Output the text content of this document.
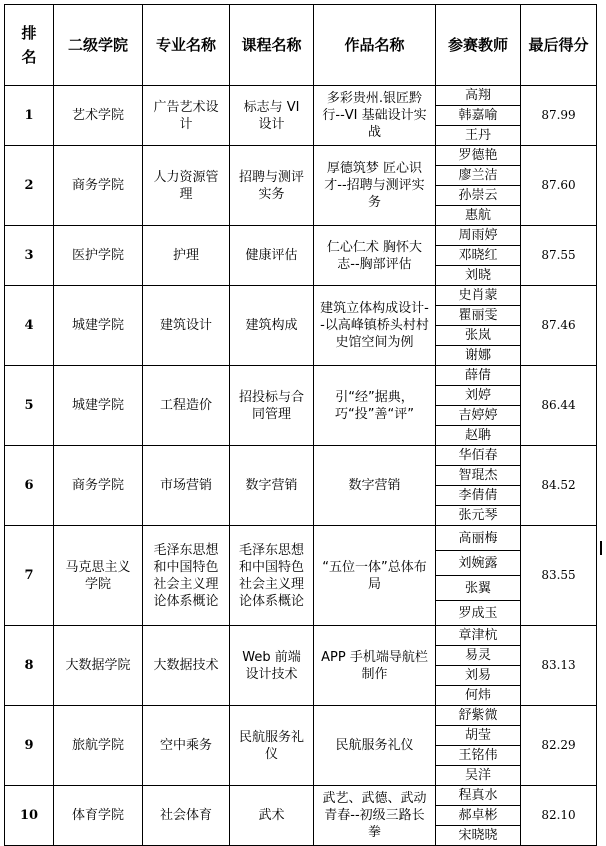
排
名	二级学院	专业名称	课程名称	作品名称	参赛教师	最后得分
1	艺术学院	广告艺术设计	标志与 VI 设计	多彩贵州.银匠黔行--VI 基础设计实战	高翔	87.99
					韩嘉喻	
					王丹	
2	商务学院	人力资源管理	招聘与测评实务	厚德筑梦 匠心识才--招聘与测评实务	罗德艳	87.60
					廖兰洁	
					孙崇云	
					惠航	
3	医护学院	护理	健康评估	仁心仁术 胸怀大志--胸部评估	周雨婷	87.55
					邓晓红	
					刘晓	
4	城建学院	建筑设计	建筑构成	建筑立体构成设计--以高峰镇桥头村村史馆空间为例	史肖蒙	87.46
					瞿丽雯	
					张岚	
					谢娜	
5	城建学院	工程造价	招投标与合同管理	引“经”据典，巧“投”善“评”	薛倩	86.44
					刘婷	
					吉婷婷	
					赵聃	
6	商务学院	市场营销	数字营销	数字营销	华佰春	84.52
					智琨杰	
					李倩倩	
					张元琴	
7	马克思主义学院	毛泽东思想和中国特色社会主义理论体系概论	毛泽东思想和中国特色社会主义理论体系概论	“五位一体”总体布局	高丽梅	83.55
					刘婉露	
					张翼	
					罗成玉	
8	大数据学院	大数据技术	Web 前端设计技术	APP 手机端导航栏制作	章津杭	83.13
					易灵	
					刘易	
					何炜	
9	旅航学院	空中乘务	民航服务礼仪	民航服务礼仪	舒紫微	82.29
					胡莹	
					王铭伟	
					吴洋	
10	体育学院	社会体育	武术	武艺、武德、武动青春--初级三路长拳	程真水	82.10
					郝卓彬	
					宋晓晓	
